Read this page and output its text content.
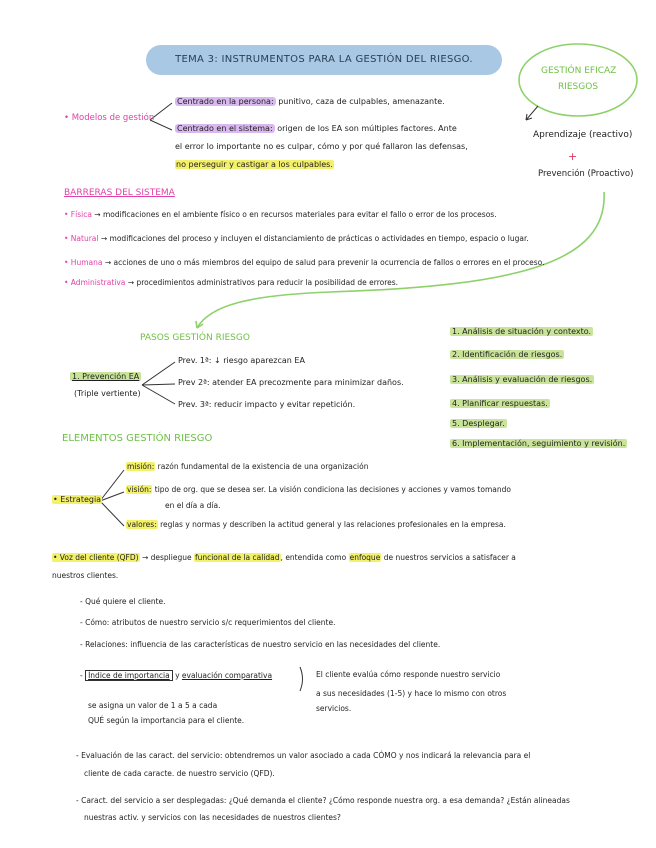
TEMA 3: INSTRUMENTOS PARA LA GESTIÓN DEL RIESGO.
GESTIÓN EFICAZ
RIESGOS
Aprendizaje (reactivo)
+
Prevención (Proactivo)
• Modelos de gestión
Centrado en la persona: punitivo, caza de culpables, amenazante.
Centrado en el sistema: origen de los EA son múltiples factores. Ante
el error lo importante no es culpar, cómo y por qué fallaron las defensas,
no perseguir y castigar a los culpables.
BARRERAS DEL SISTEMA
• Física → modificaciones en el ambiente físico o en recursos materiales para evitar el fallo o error de los procesos.
• Natural → modificaciones del proceso y incluyen el distanciamiento de prácticas o actividades en tiempo, espacio o lugar.
• Humana → acciones de uno o más miembros del equipo de salud para prevenir la ocurrencia de fallos o errores en el proceso.
• Administrativa → procedimientos administrativos para reducir la posibilidad de errores.
PASOS GESTIÓN RIESGO
1. Prevención EA
(Triple vertiente)
Prev. 1ª: ↓ riesgo aparezcan EA
Prev 2ª: atender EA precozmente para minimizar daños.
Prev. 3ª: reducir impacto y evitar repetición.
1. Análisis de situación y contexto.
2. Identificación de riesgos.
3. Análisis y evaluación de riesgos.
4. Planificar respuestas.
5. Desplegar.
6. Implementación, seguimiento y revisión.
ELEMENTOS GESTIÓN RIESGO
• Estrategia
misión: razón fundamental de la existencia de una organización
visión: tipo de org. que se desea ser. La visión condiciona las decisiones y acciones y vamos tomando
en el día a día.
valores: reglas y normas y describen la actitud general y las relaciones profesionales en la empresa.
• Voz del cliente (QFD) → despliegue funcional de la calidad, entendida como enfoque de nuestros servicios a satisfacer a
nuestros clientes.
- Qué quiere el cliente.
- Cómo: atributos de nuestro servicio s/c requerimientos del cliente.
- Relaciones: influencia de las características de nuestro servicio en las necesidades del cliente.
- Índice de importancia y evaluación comparativa
se asigna un valor de 1 a 5 a cada
QUÉ según la importancia para el cliente.
El cliente evalúa cómo responde nuestro servicio
a sus necesidades (1-5) y hace lo mismo con otros
servicios.
- Evaluación de las caract. del servicio: obtendremos un valor asociado a cada CÓMO y nos indicará la relevancia para el
cliente de cada caracte. de nuestro servicio (QFD).
- Caract. del servicio a ser desplegadas: ¿Qué demanda el cliente? ¿Cómo responde nuestra org. a esa demanda? ¿Están alineadas
nuestras activ. y servicios con las necesidades de nuestros clientes?
